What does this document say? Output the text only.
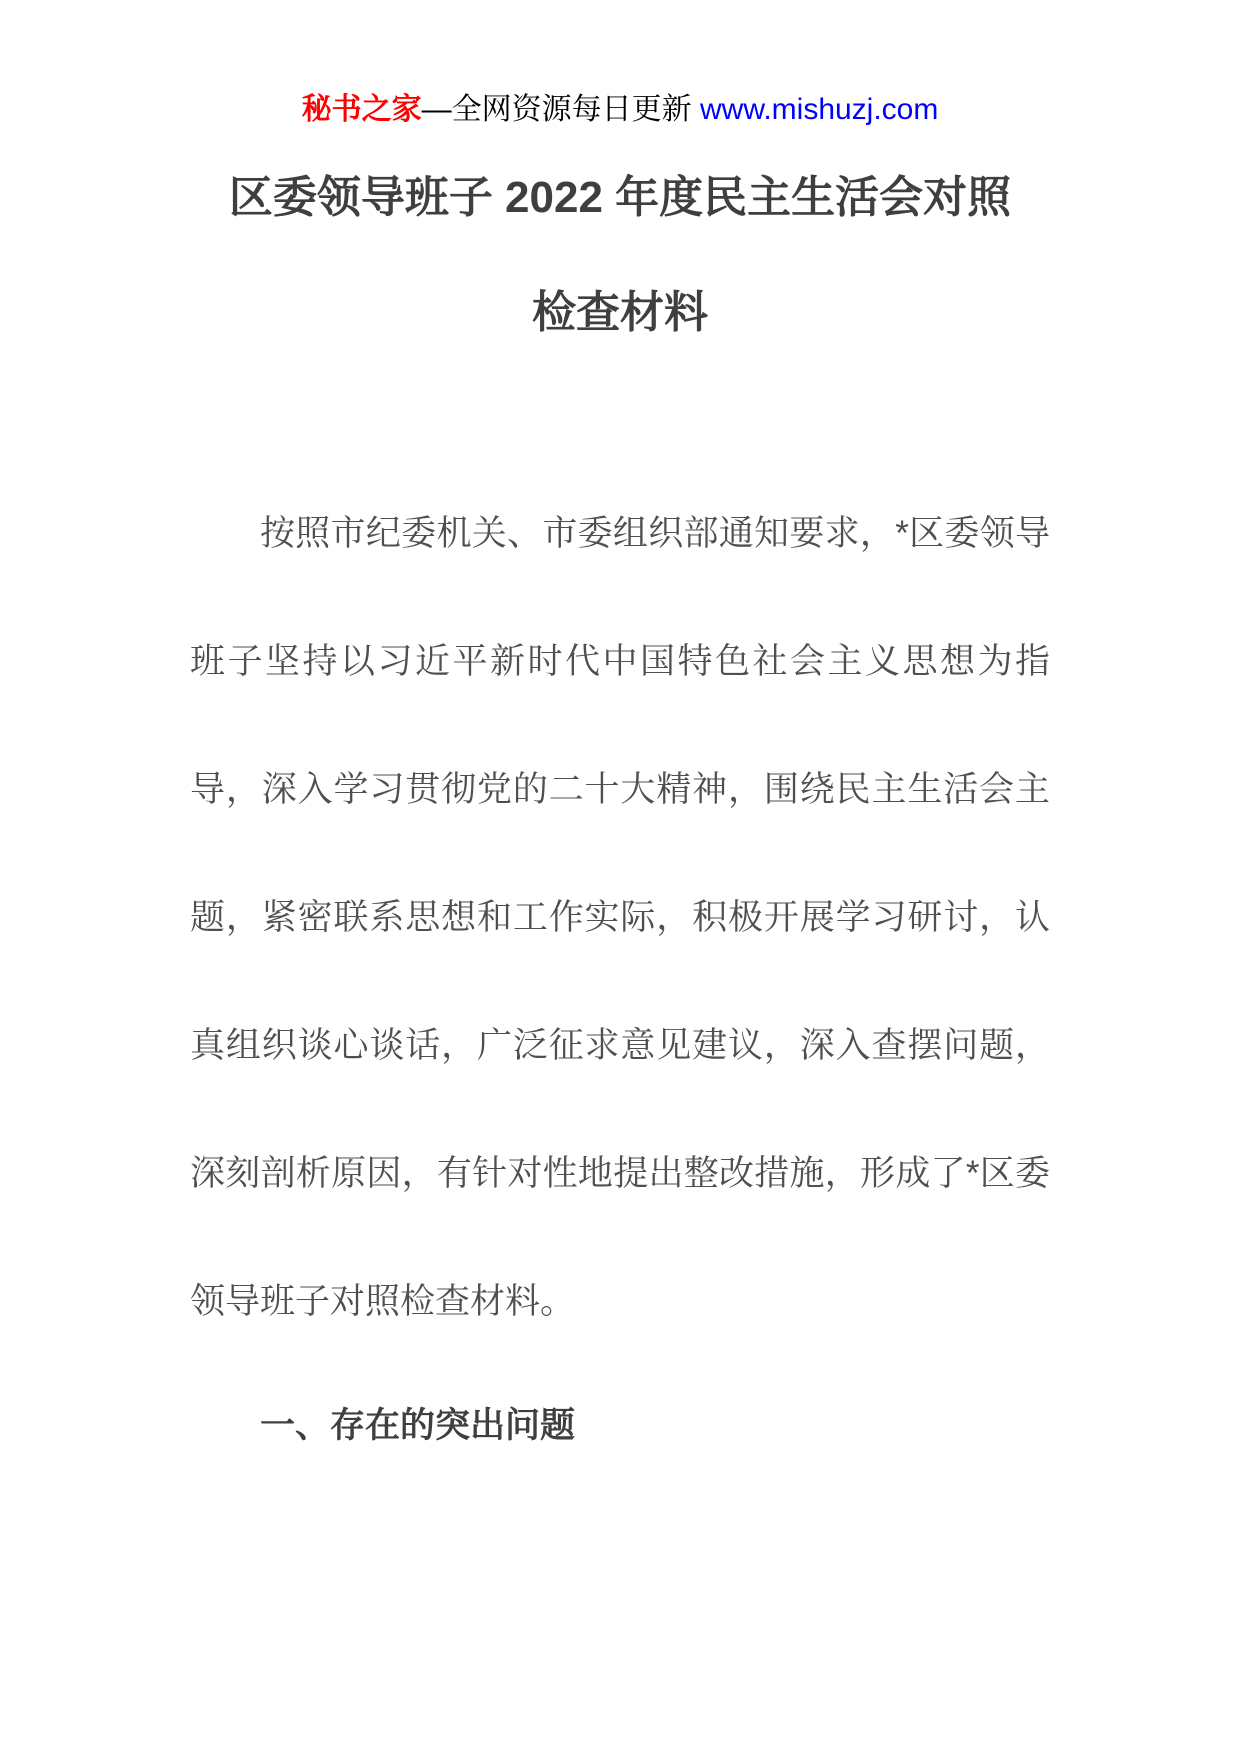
秘书之家—全网资源每日更新 www.mishuzj.com
区委领导班子 2022 年度民主生活会对照
检查材料

按照市纪委机关、市委组织部通知要求，*区委领导班子坚持以习近平新时代中国特色社会主义思想为指导，深入学习贯彻党的二十大精神，围绕民主生活会主题，紧密联系思想和工作实际，积极开展学习研讨，认真组织谈心谈话，广泛征求意见建议，深入查摆问题，深刻剖析原因，有针对性地提出整改措施，形成了*区委领导班子对照检查材料。

一、存在的突出问题
